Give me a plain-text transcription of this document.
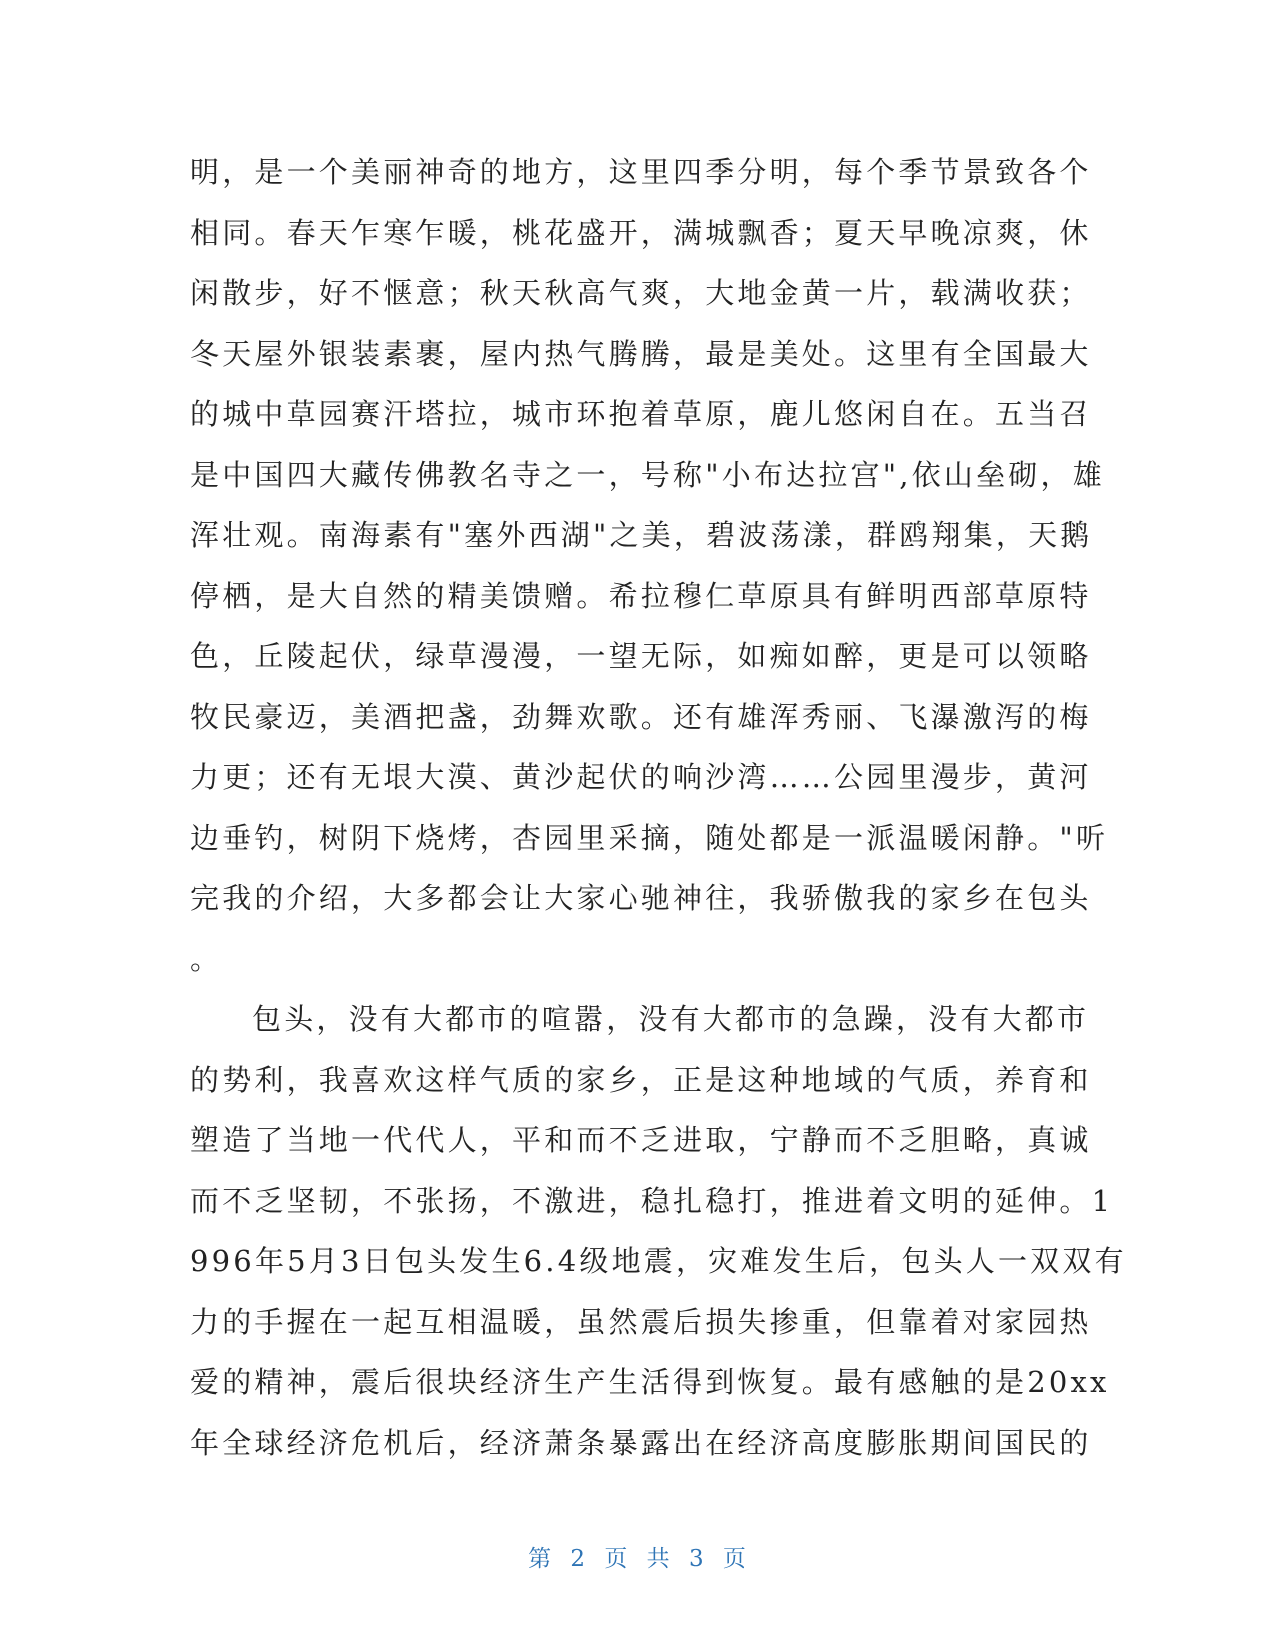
明，是一个美丽神奇的地方，这里四季分明，每个季节景致各个
相同。春天乍寒乍暖，桃花盛开，满城飘香；夏天早晚凉爽，休
闲散步，好不惬意；秋天秋高气爽，大地金黄一片，载满收获；
冬天屋外银装素裹，屋内热气腾腾，最是美处。这里有全国最大
的城中草园赛汗塔拉，城市环抱着草原，鹿儿悠闲自在。五当召
是中国四大藏传佛教名寺之一，号称"小布达拉宫",依山垒砌，雄
浑壮观。南海素有"塞外西湖"之美，碧波荡漾，群鸥翔集，天鹅
停栖，是大自然的精美馈赠。希拉穆仁草原具有鲜明西部草原特
色，丘陵起伏，绿草漫漫，一望无际，如痴如醉，更是可以领略
牧民豪迈，美酒把盏，劲舞欢歌。还有雄浑秀丽、飞瀑激泻的梅
力更；还有无垠大漠、黄沙起伏的响沙湾……公园里漫步，黄河
边垂钓，树阴下烧烤，杏园里采摘，随处都是一派温暖闲静。"听
完我的介绍，大多都会让大家心驰神往，我骄傲我的家乡在包头
。
包头，没有大都市的喧嚣，没有大都市的急躁，没有大都市
的势利，我喜欢这样气质的家乡，正是这种地域的气质，养育和
塑造了当地一代代人，平和而不乏进取，宁静而不乏胆略，真诚
而不乏坚韧，不张扬，不激进，稳扎稳打，推进着文明的延伸。1
996年5月3日包头发生6.4级地震，灾难发生后，包头人一双双有
力的手握在一起互相温暖，虽然震后损失掺重，但靠着对家园热
爱的精神，震后很块经济生产生活得到恢复。最有感触的是20xx
年全球经济危机后，经济萧条暴露出在经济高度膨胀期间国民的
第 2 页 共 3 页
